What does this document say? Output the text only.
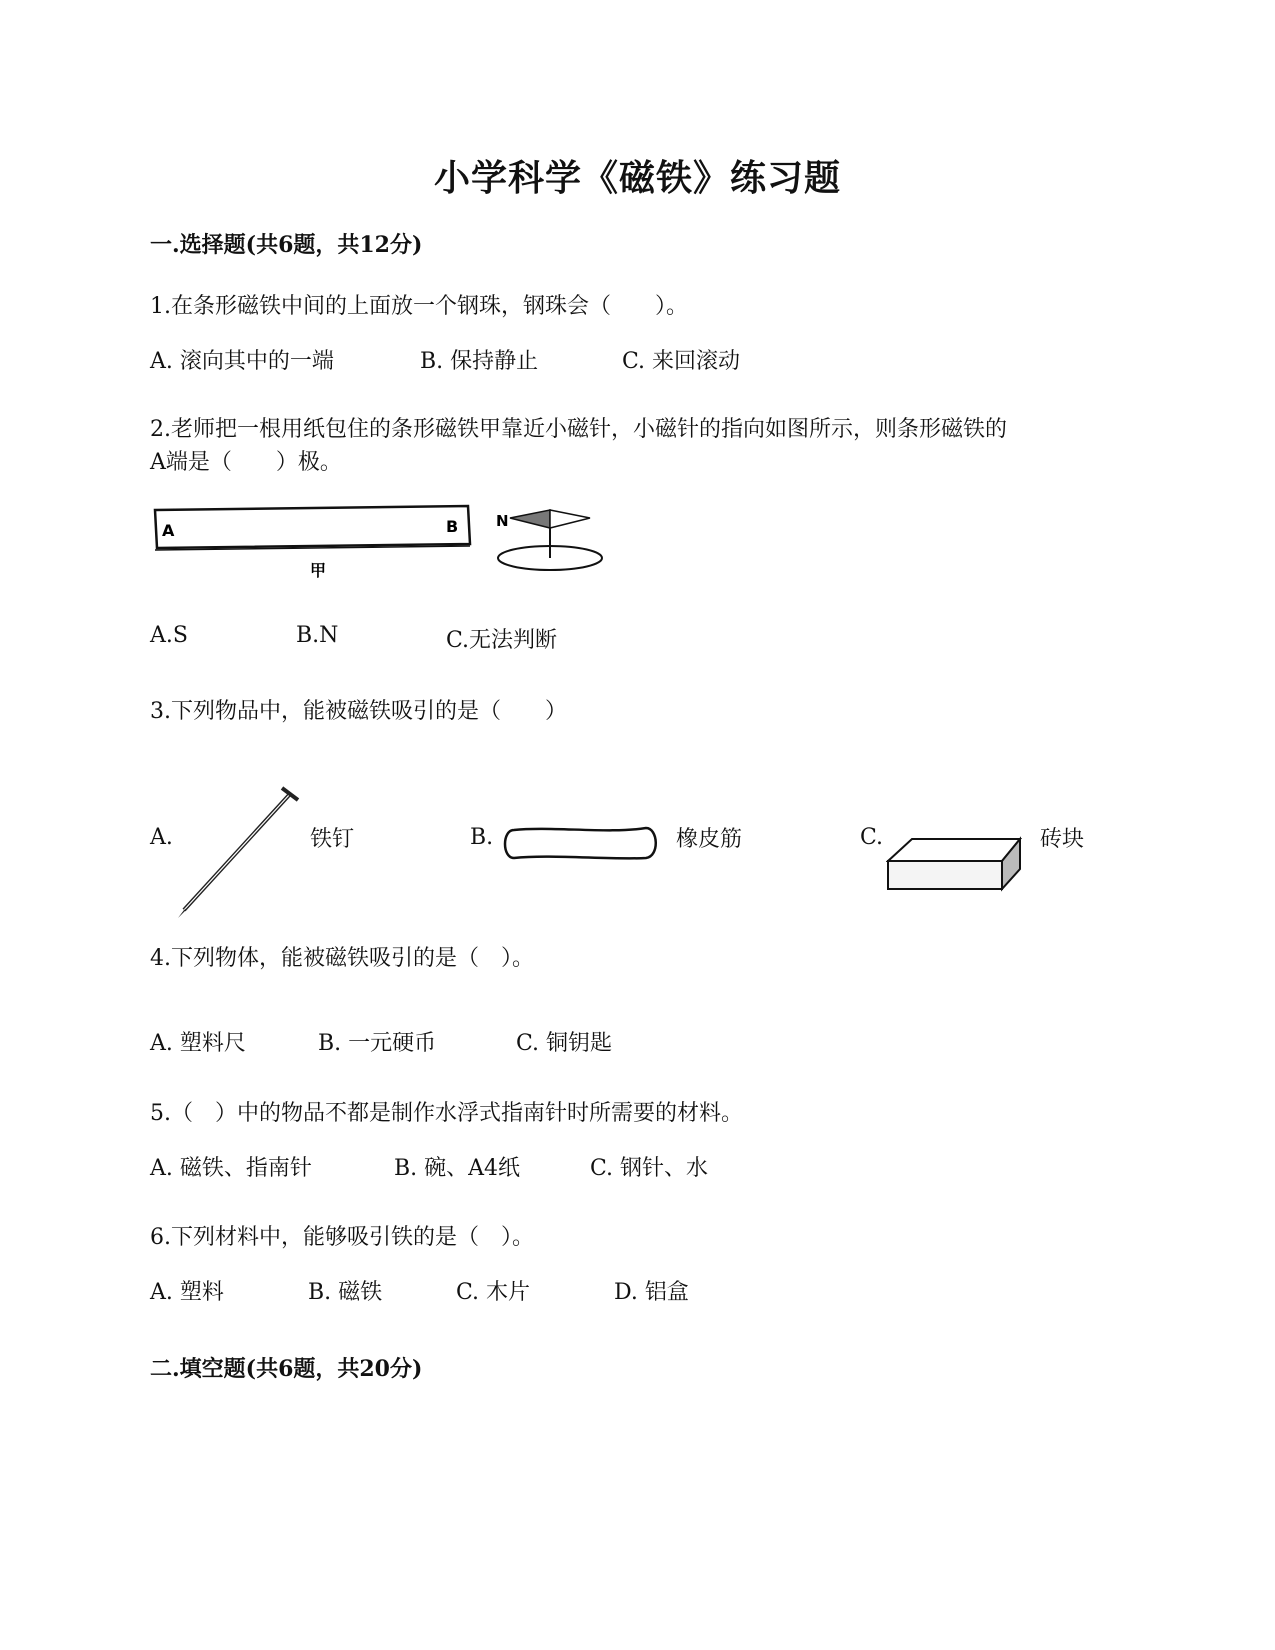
小学科学《磁铁》练习题
一.选择题(共6题，共12分)
1.在条形磁铁中间的上面放一个钢珠，钢珠会（　　）。
A. 滚向其中的一端	B. 保持静止	C. 来回滚动
2.老师把一根用纸包住的条形磁铁甲靠近小磁针，小磁针的指向如图所示，则条形磁铁的
A端是（　　）极。
A	B
甲
N
A.S	B.N	C.无法判断
3.下列物品中，能被磁铁吸引的是（　　）
A.	铁钉	B.	橡皮筋	C.	砖块
4.下列物体，能被磁铁吸引的是（　）。
A. 塑料尺	B. 一元硬币	C. 铜钥匙
5.（　）中的物品不都是制作水浮式指南针时所需要的材料。
A. 磁铁、指南针	B. 碗、A4纸	C. 钢针、水
6.下列材料中，能够吸引铁的是（　）。
A. 塑料	B. 磁铁	C. 木片	D. 铝盒
二.填空题(共6题，共20分)
